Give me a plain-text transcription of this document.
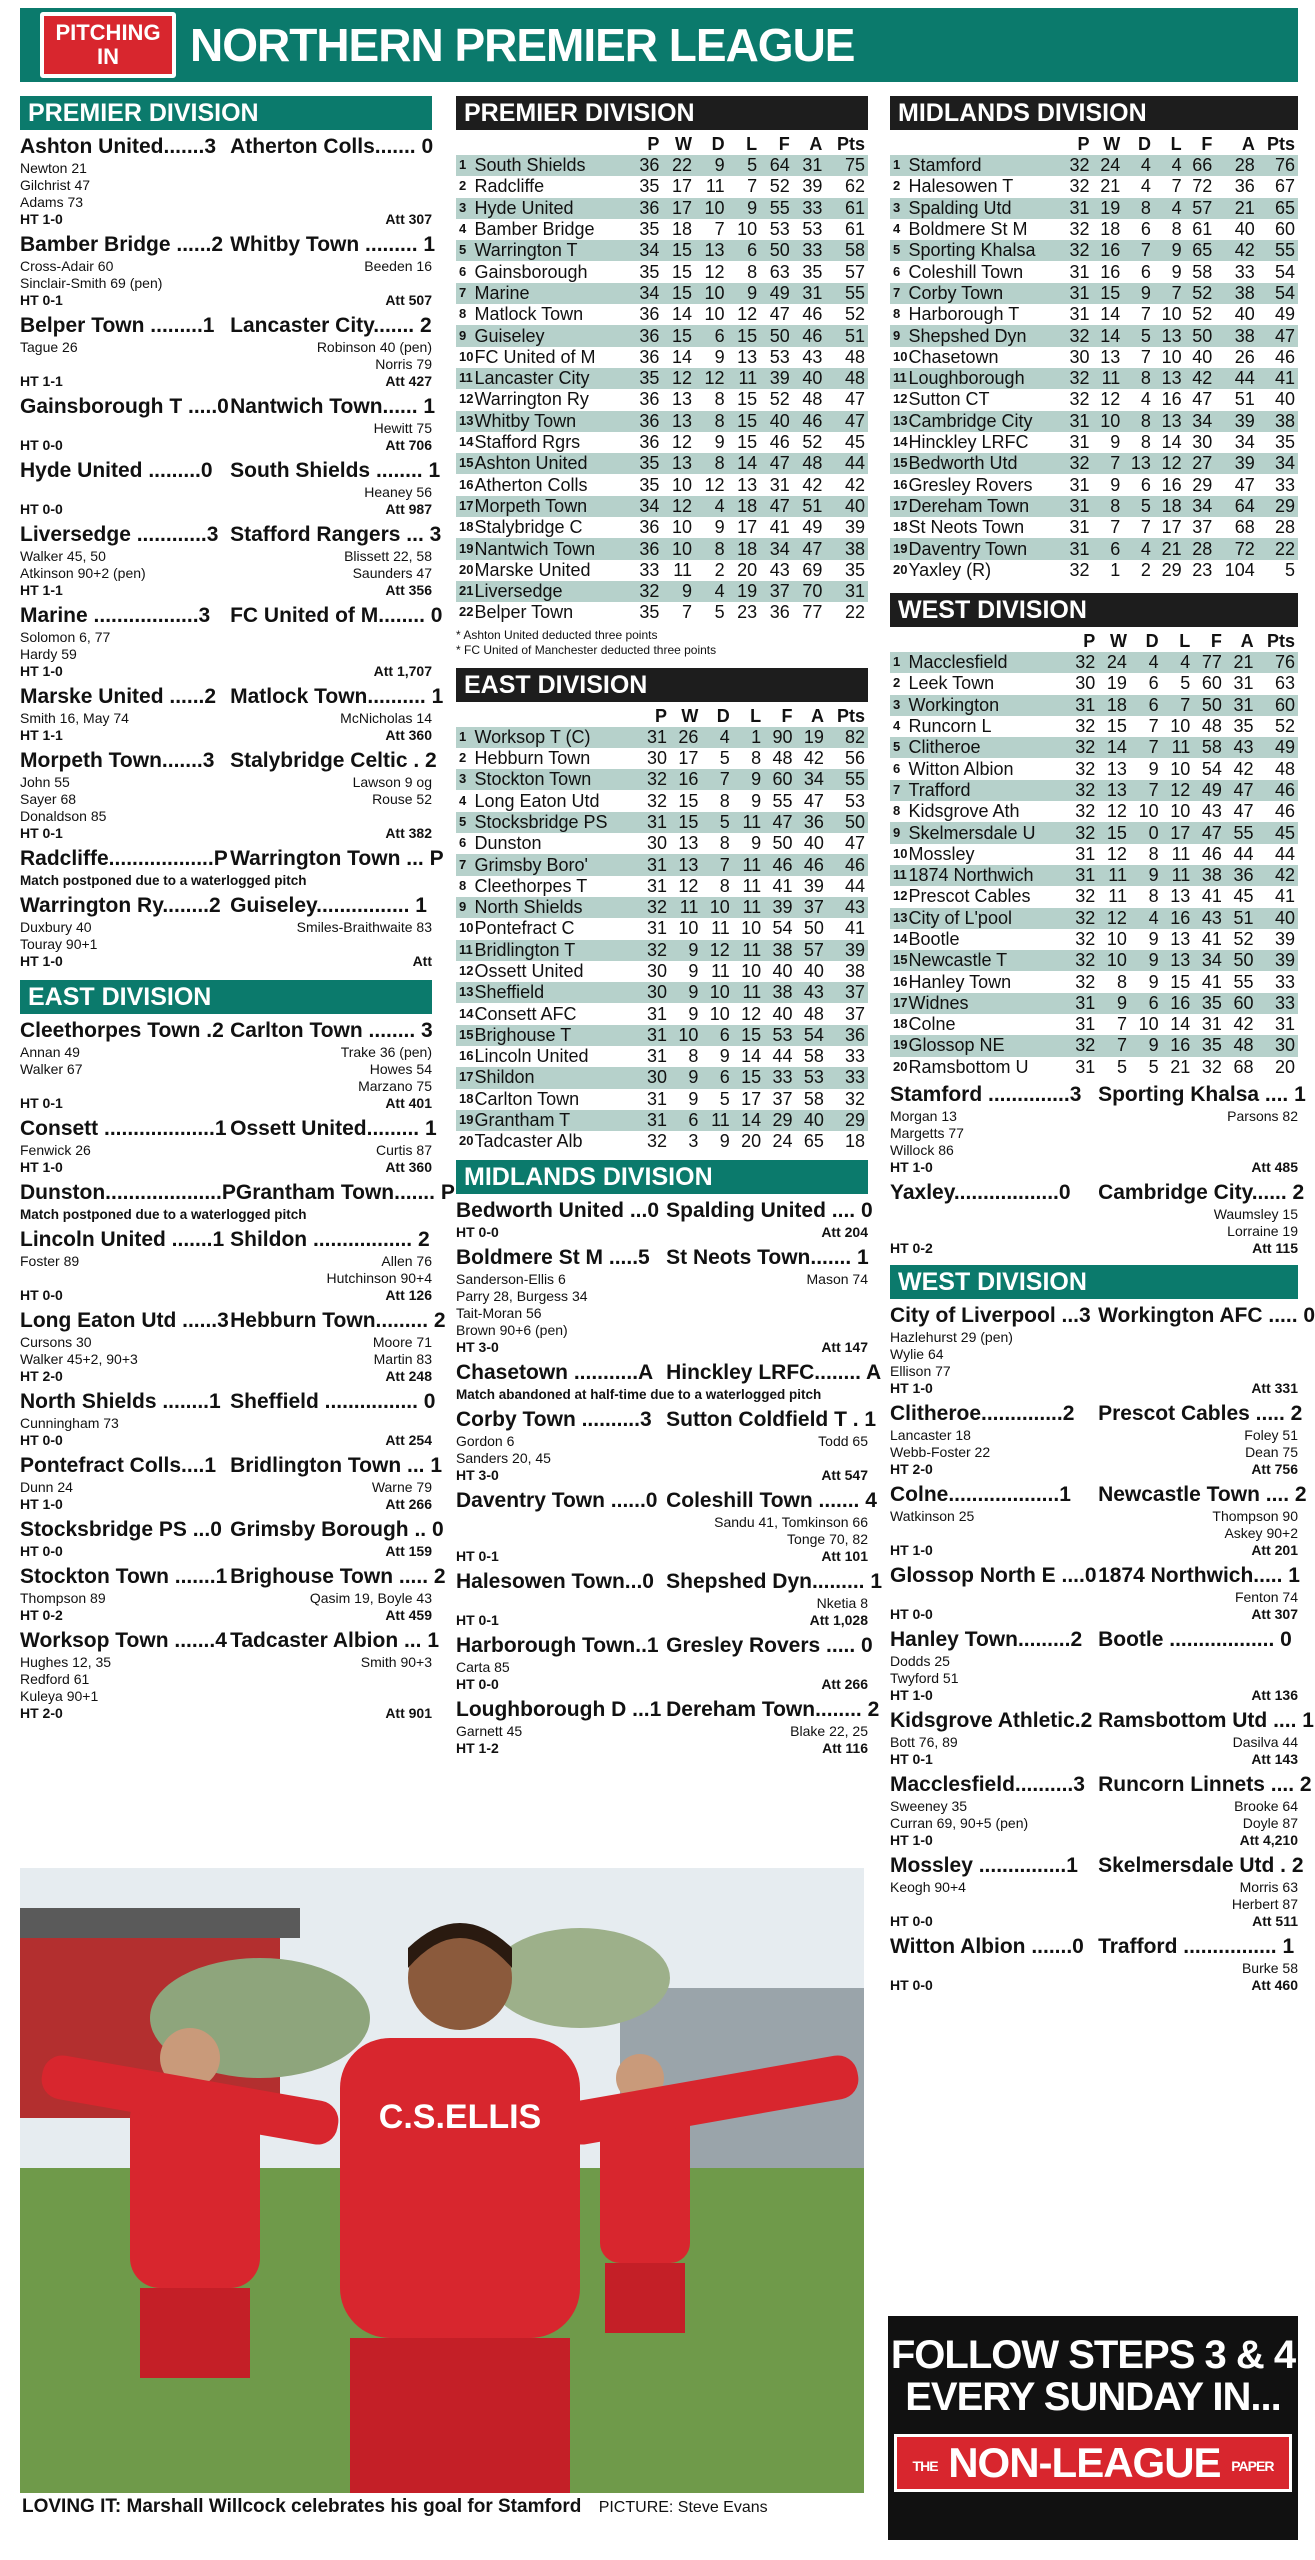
PITCHING
IN	NORTHERN PREMIER LEAGUE
PREMIER DIVISION
Ashton United.......3 Atherton Colls....... 0
Newton 21
Gilchrist 47
Adams 73
HT 1-0	Att 307
Bamber Bridge ......2 Whitby Town ......... 1
Cross-Adair 60	Beeden 16
Sinclair-Smith 69 (pen)
HT 0-1	Att 507
Belper Town .........1 Lancaster City....... 2
Tague 26	Robinson 40 (pen)
Norris 79
HT 1-1	Att 427
Gainsborough T .....0 Nantwich Town...... 1
Hewitt 75
HT 0-0	Att 706
Hyde United .........0 South Shields ........ 1
Heaney 56
HT 0-0	Att 987
Liversedge ............3 Stafford Rangers ... 3
Walker 45, 50	Blissett 22, 58
Atkinson 90+2 (pen)	Saunders 47
HT 1-1	Att 356
Marine ..................3 FC United of M........ 0
Solomon 6, 77
Hardy 59
HT 1-0	Att 1,707
Marske United ......2 Matlock Town.......... 1
Smith 16, May 74	McNicholas 14
HT 1-1	Att 360
Morpeth Town.......3 Stalybridge Celtic . 2
John 55	Lawson 9 og
Sayer 68	Rouse 52
Donaldson 85
HT 0-1	Att 382
Radcliffe..................P Warrington Town ... P
Match postponed due to a waterlogged pitch
Warrington Ry........2 Guiseley................ 1
Duxbury 40	Smiles-Braithwaite 83
Touray 90+1
HT 1-0	Att
EAST DIVISION
Cleethorpes Town .2 Carlton Town ........ 3
Annan 49	Trake 36 (pen)
Walker 67	Howes 54
Marzano 75
HT 0-1	Att 401
Consett ...................1 Ossett United......... 1
Fenwick 26	Curtis 87
HT 1-0	Att 360
Dunston....................P Grantham Town....... P
Match postponed due to a waterlogged pitch
Lincoln United .......1 Shildon ................. 2
Foster 89	Allen 76
Hutchinson 90+4
HT 0-0	Att 126
Long Eaton Utd ......3 Hebburn Town......... 2
Cursons 30	Moore 71
Walker 45+2, 90+3	Martin 83
HT 2-0	Att 248
North Shields ........1 Sheffield ................ 0
Cunningham 73
HT 0-0	Att 254
Pontefract Colls....1 Bridlington Town ... 1
Dunn 24	Warne 79
HT 1-0	Att 266
Stocksbridge PS ...0 Grimsby Borough .. 0
HT 0-0	Att 159
Stockton Town .......1 Brighouse Town ..... 2
Thompson 89	Qasim 19, Boyle 43
HT 0-2	Att 459
Worksop Town .......4 Tadcaster Albion ... 1
Hughes 12, 35	Smith 90+3
Redford 61
Kuleya 90+1
HT 2-0	Att 901
PREMIER DIVISION
		P	W	D	L	F	A	Pts
1	South Shields	36	22	9	5	64	31	75
2	Radcliffe	35	17	11	7	52	39	62
3	Hyde United	36	17	10	9	55	33	61
4	Bamber Bridge	35	18	7	10	53	53	61
5	Warrington T	34	15	13	6	50	33	58
6	Gainsborough	35	15	12	8	63	35	57
7	Marine	34	15	10	9	49	31	55
8	Matlock Town	36	14	10	12	47	46	52
9	Guiseley	36	15	6	15	50	46	51
10	FC United of M	36	14	9	13	53	43	48
11	Lancaster City	35	12	12	11	39	40	48
12	Warrington Ry	36	13	8	15	52	48	47
13	Whitby Town	36	13	8	15	40	46	47
14	Stafford Rgrs	36	12	9	15	46	52	45
15	Ashton United	35	13	8	14	47	48	44
16	Atherton Colls	35	10	12	13	31	42	42
17	Morpeth Town	34	12	4	18	47	51	40
18	Stalybridge C	36	10	9	17	41	49	39
19	Nantwich Town	36	10	8	18	34	47	38
20	Marske United	33	11	2	20	43	69	35
21	Liversedge	32	9	4	19	37	70	31
22	Belper Town	35	7	5	23	36	77	22
* Ashton United deducted three points
* FC United of Manchester deducted three points
EAST DIVISION
		P	W	D	L	F	A	Pts
1	Worksop T (C)	31	26	4	1	90	19	82
2	Hebburn Town	30	17	5	8	48	42	56
3	Stockton Town	32	16	7	9	60	34	55
4	Long Eaton Utd	32	15	8	9	55	47	53
5	Stocksbridge PS	31	15	5	11	47	36	50
6	Dunston	30	13	8	9	50	40	47
7	Grimsby Boro'	31	13	7	11	46	46	46
8	Cleethorpes T	31	12	8	11	41	39	44
9	North Shields	32	11	10	11	39	37	43
10	Pontefract C	31	10	11	10	54	50	41
11	Bridlington T	32	9	12	11	38	57	39
12	Ossett United	30	9	11	10	40	40	38
13	Sheffield	30	9	10	11	38	43	37
14	Consett AFC	31	9	10	12	40	48	37
15	Brighouse T	31	10	6	15	53	54	36
16	Lincoln United	31	8	9	14	44	58	33
17	Shildon	30	9	6	15	33	53	33
18	Carlton Town	31	9	5	17	37	58	32
19	Grantham T	31	6	11	14	29	40	29
20	Tadcaster Alb	32	3	9	20	24	65	18
MIDLANDS DIVISION
Bedworth United ...0 Spalding United .... 0
HT 0-0	Att 204
Boldmere St M .....5 St Neots Town....... 1
Sanderson-Ellis 6	Mason 74
Parry 28, Burgess 34
Tait-Moran 56
Brown 90+6 (pen)
HT 3-0	Att 147
Chasetown ...........A Hinckley LRFC........ A
Match abandoned at half-time due to a waterlogged pitch
Corby Town ..........3 Sutton Coldfield T . 1
Gordon 6	Todd 65
Sanders 20, 45
HT 3-0	Att 547
Daventry Town ......0 Coleshill Town ....... 4
Sandu 41, Tomkinson 66
Tonge 70, 82
HT 0-1	Att 101
Halesowen Town...0 Shepshed Dyn......... 1
Nketia 8
HT 0-1	Att 1,028
Harborough Town..1 Gresley Rovers ..... 0
Carta 85
HT 0-0	Att 266
Loughborough D ...1 Dereham Town........ 2
Garnett 45	Blake 22, 25
HT 1-2	Att 116
MIDLANDS DIVISION
		P	W	D	L	F	A	Pts
1	Stamford	32	24	4	4	66	28	76
2	Halesowen T	32	21	4	7	72	36	67
3	Spalding Utd	31	19	8	4	57	21	65
4	Boldmere St M	32	18	6	8	61	40	60
5	Sporting Khalsa	32	16	7	9	65	42	55
6	Coleshill Town	31	16	6	9	58	33	54
7	Corby Town	31	15	9	7	52	38	54
8	Harborough T	31	14	7	10	52	40	49
9	Shepshed Dyn	32	14	5	13	50	38	47
10	Chasetown	30	13	7	10	40	26	46
11	Loughborough	32	11	8	13	42	44	41
12	Sutton CT	32	12	4	16	47	51	40
13	Cambridge City	31	10	8	13	34	39	38
14	Hinckley LRFC	31	9	8	14	30	34	35
15	Bedworth Utd	32	7	13	12	27	39	34
16	Gresley Rovers	31	9	6	16	29	47	33
17	Dereham Town	31	8	5	18	34	64	29
18	St Neots Town	31	7	7	17	37	68	28
19	Daventry Town	31	6	4	21	28	72	22
20	Yaxley (R)	32	1	2	29	23	104	5
WEST DIVISION
		P	W	D	L	F	A	Pts
1	Macclesfield	32	24	4	4	77	21	76
2	Leek Town	30	19	6	5	60	31	63
3	Workington	31	18	6	7	50	31	60
4	Runcorn L	32	15	7	10	48	35	52
5	Clitheroe	32	14	7	11	58	43	49
6	Witton Albion	32	13	9	10	54	42	48
7	Trafford	32	13	7	12	49	47	46
8	Kidsgrove Ath	32	12	10	10	43	47	46
9	Skelmersdale U	32	15	0	17	47	55	45
10	Mossley	31	12	8	11	46	44	44
11	1874 Northwich	31	11	9	11	38	36	42
12	Prescot Cables	32	11	8	13	41	45	41
13	City of L'pool	32	12	4	16	43	51	40
14	Bootle	32	10	9	13	41	52	39
15	Newcastle T	32	10	9	13	34	50	39
16	Hanley Town	32	8	9	15	41	55	33
17	Widnes	31	9	6	16	35	60	33
18	Colne	31	7	10	14	31	42	31
19	Glossop NE	32	7	9	16	35	48	30
20	Ramsbottom U	31	5	5	21	32	68	20
Stamford ..............3 Sporting Khalsa .... 1
Morgan 13	Parsons 82
Margetts 77
Willock 86
HT 1-0	Att 485
Yaxley..................0	Cambridge City...... 2
Waumsley 15
Lorraine 19
HT 0-2	Att 115
WEST DIVISION
City of Liverpool ...3 Workington AFC ..... 0
Hazlehurst 29 (pen)
Wylie 64
Ellison 77
HT 1-0	Att 331
Clitheroe..............2	Prescot Cables ..... 2
Lancaster 18	Foley 51
Webb-Foster 22	Dean 75
HT 2-0	Att 756
Colne...................1	Newcastle Town .... 2
Watkinson 25	Thompson 90
Askey 90+2
HT 1-0	Att 201
Glossop North E ....0 1874 Northwich..... 1
Fenton 74
HT 0-0	Att 307
Hanley Town.........2 Bootle .................. 0
Dodds 25
Twyford 51
HT 1-0	Att 136
Kidsgrove Athletic.2 Ramsbottom Utd .... 1
Bott 76, 89	Dasilva 44
HT 0-1	Att 143
Macclesfield..........3 Runcorn Linnets .... 2
Sweeney 35	Brooke 64
Curran 69, 90+5 (pen)	Doyle 87
HT 1-0	Att 4,210
Mossley ...............1 Skelmersdale Utd . 2
Keogh 90+4	Morris 63
Herbert 87
HT 0-0	Att 511
Witton Albion .......0 Trafford ................ 1
Burke 58
HT 0-0	Att 460
C.S.ELLIS
LOVING IT: Marshall Willcock celebrates his goal for Stamford PICTURE: Steve Evans
FOLLOW STEPS 3 & 4
EVERY SUNDAY IN...
THE NON-LEAGUE PAPER
